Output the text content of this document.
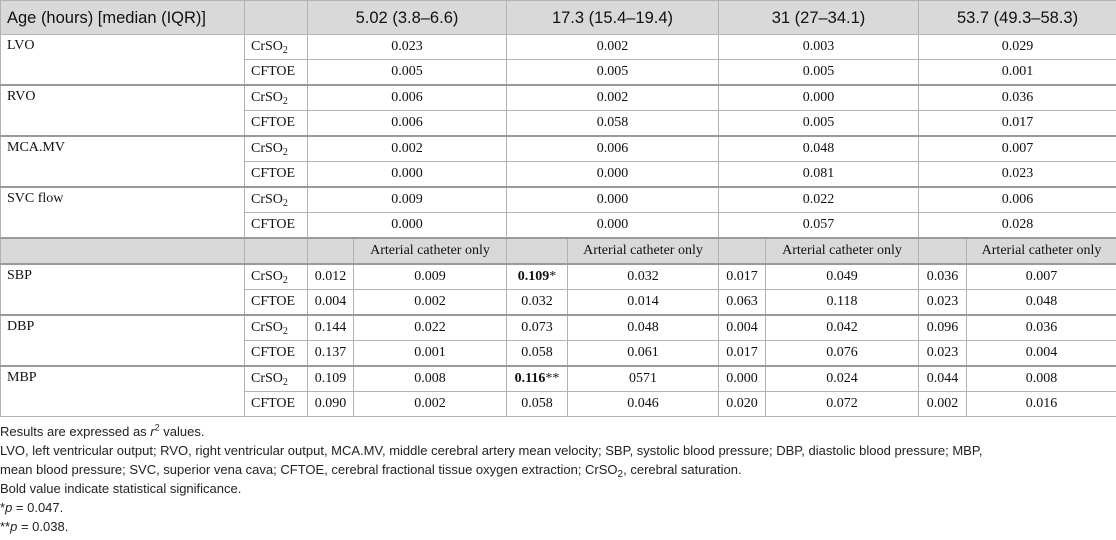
Age (hours) [median (IQR)]		5.02 (3.8–6.6)		17.3 (15.4–19.4)		31 (27–34.1)		53.7 (49.3–58.3)	
LVO	CrSO$_2$	0.023		0.002		0.003		0.029	
	CFTOE	0.005		0.005		0.005		0.001	
RVO	CrSO$_2$	0.006		0.002		0.000		0.036	
	CFTOE	0.006		0.058		0.005		0.017	
MCA.MV	CrSO$_2$	0.002		0.006		0.048		0.007	
	CFTOE	0.000		0.000		0.081		0.023	
SVC flow	CrSO$_2$	0.009		0.000		0.022		0.006	
	CFTOE	0.000		0.000		0.057		0.028	
			Arterial catheter only		Arterial catheter only		Arterial catheter only		Arterial catheter only
SBP	CrSO$_2$	0.012	0.009	0.109*	0.032	0.017	0.049	0.036	0.007
	CFTOE	0.004	0.002	0.032	0.014	0.063	0.118	0.023	0.048
DBP	CrSO$_2$	0.144	0.022	0.073	0.048	0.004	0.042	0.096	0.036
	CFTOE	0.137	0.001	0.058	0.061	0.017	0.076	0.023	0.004
MBP	CrSO$_2$	0.109	0.008	0.116**	0571	0.000	0.024	0.044	0.008
	CFTOE	0.090	0.002	0.058	0.046	0.020	0.072	0.002	0.016

Results are expressed as $r^2$ values.

LVO, left ventricular output; RVO, right ventricular output, MCA.MV, middle cerebral artery mean velocity; SBP, systolic blood pressure; DBP, diastolic blood pressure; MBP,
mean blood pressure; SVC, superior vena cava; CFTOE, cerebral fractional tissue oxygen extraction; CrSO$_2$, cerebral saturation.

Bold value indicate statistical significance.

*p = 0.047.

**p = 0.038.
